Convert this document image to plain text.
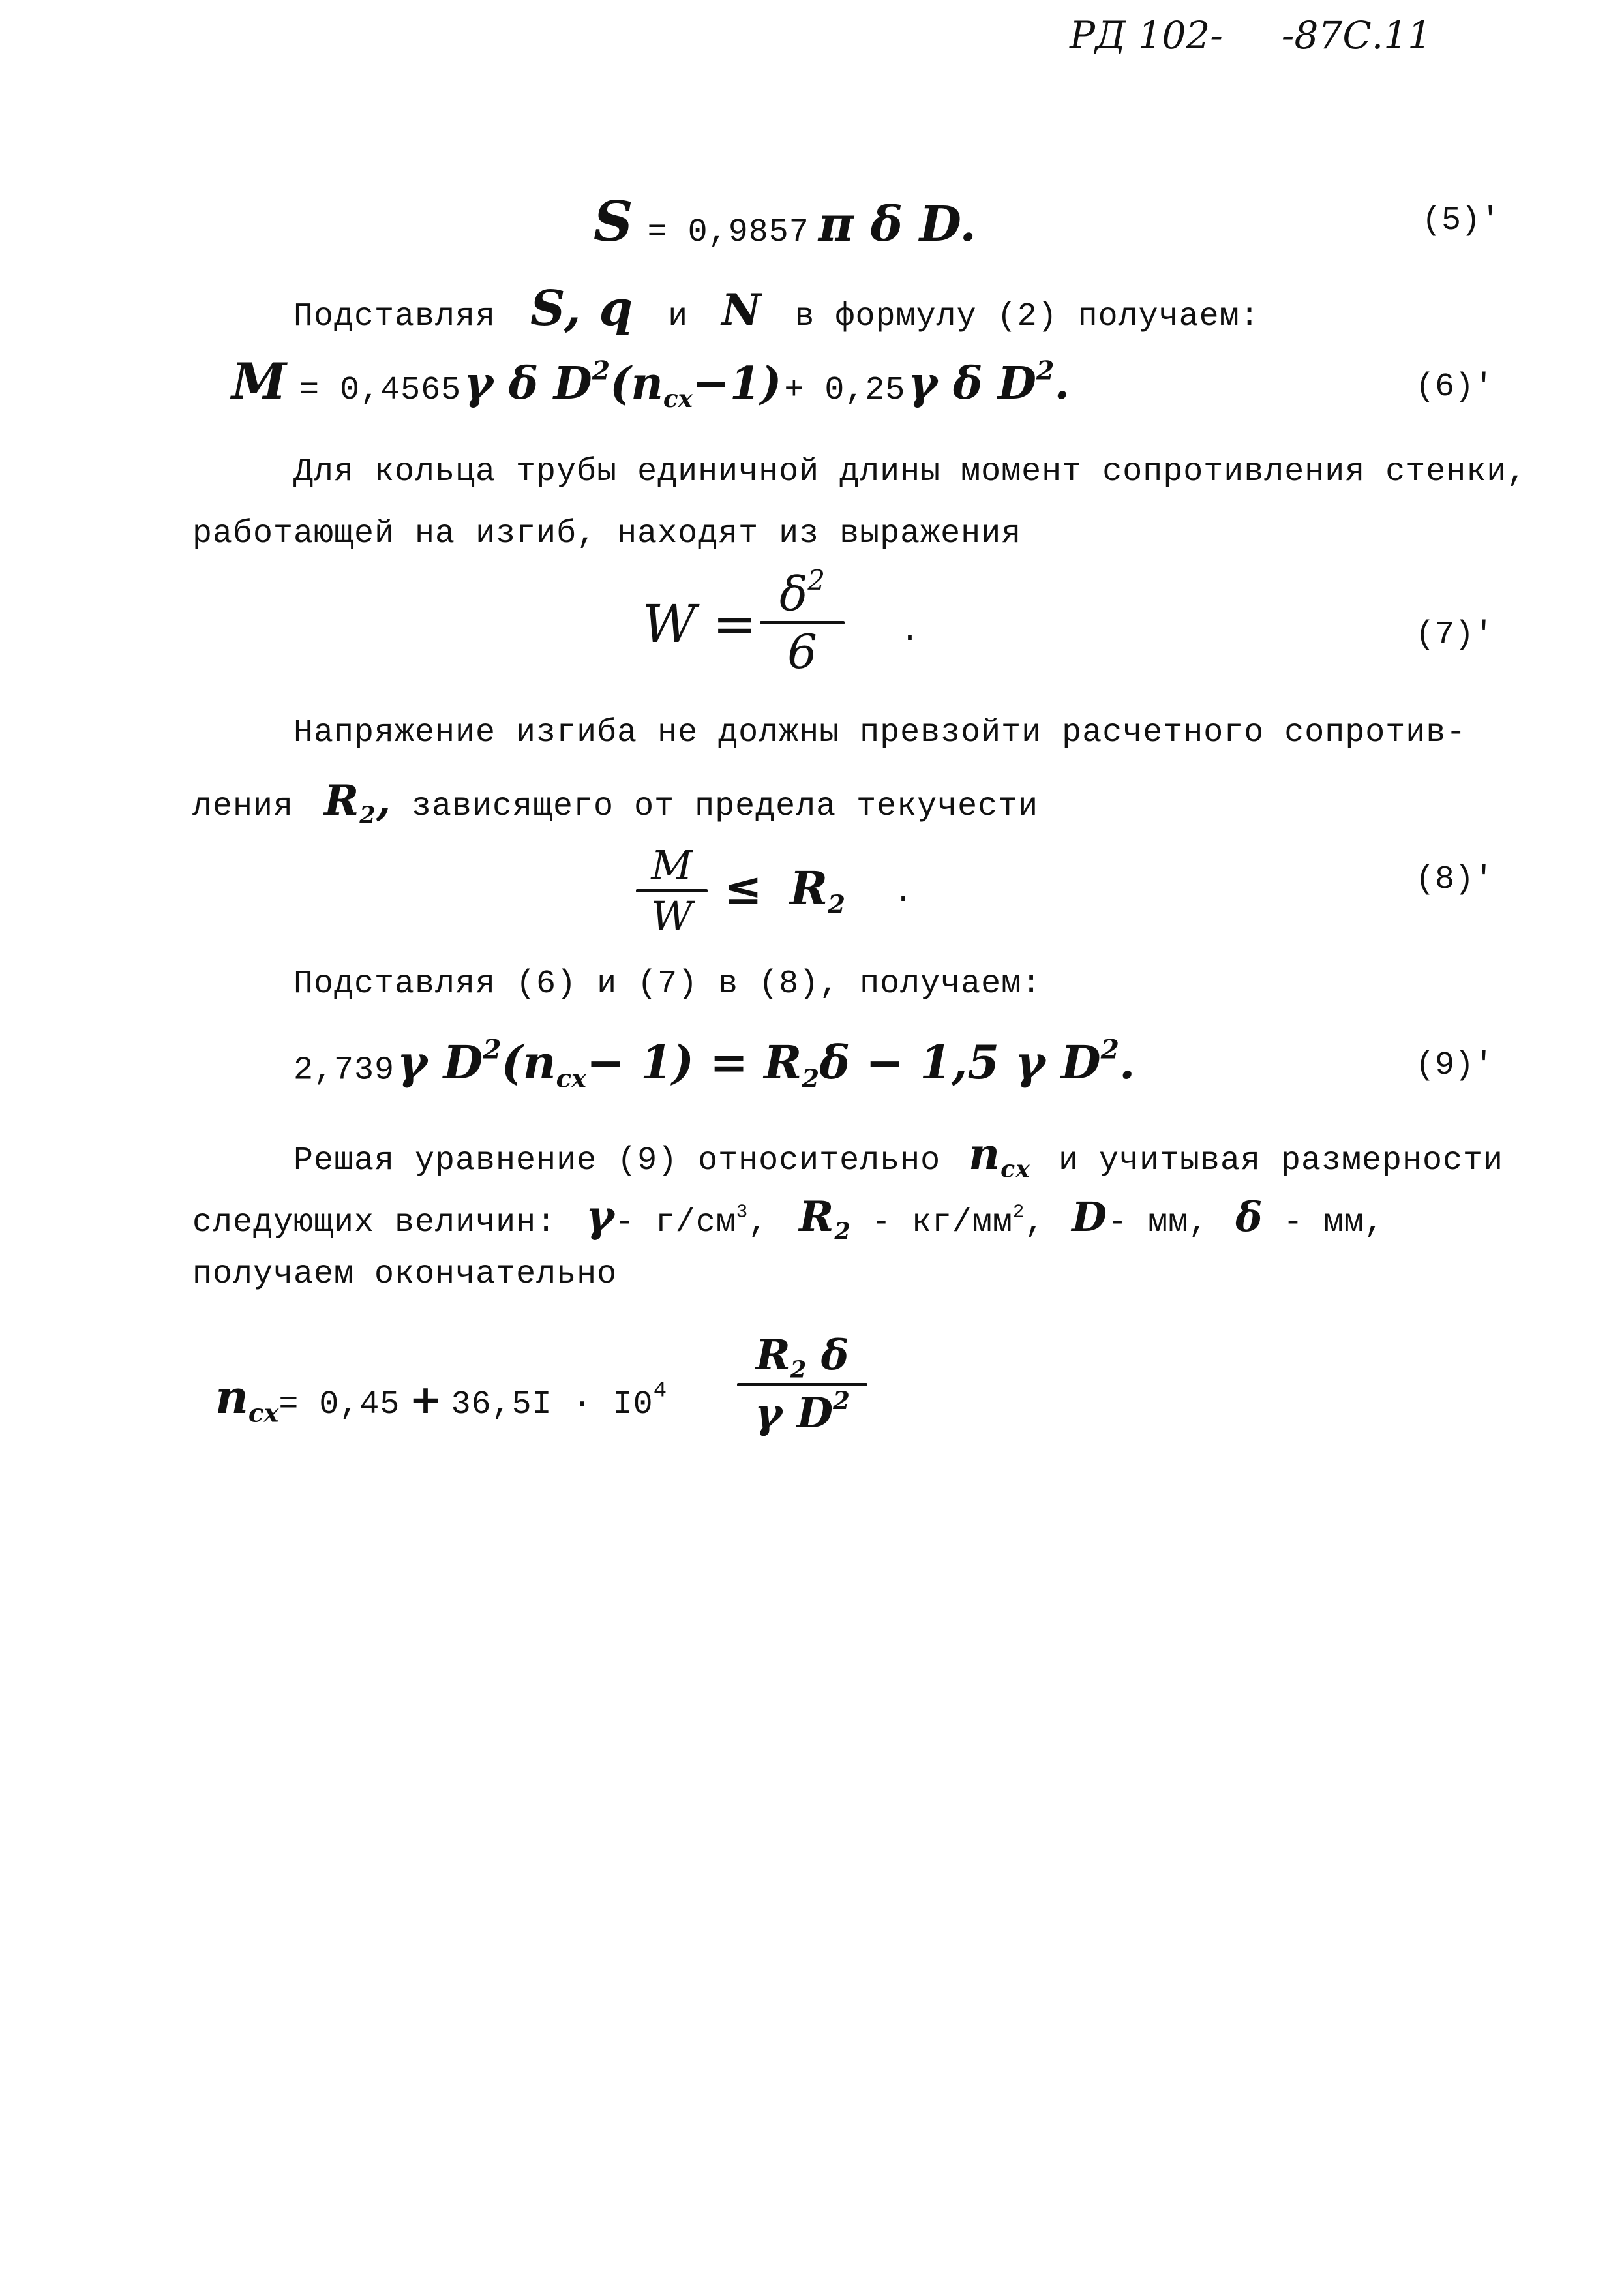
РД 102- -87С.11
S = 0,9857 π δ D.	(5)′
Подставляя S, q и N в формулу (2) получаем:
M = 0,4565 γ δ $D^2(n_{cx}-1) + 0,25$ γ δ $D^2$.	(6)′
Для кольца трубы единичной длины момент сопротивления стенки,
работающей на изгиб, находят из выражения
$W = \delta^2$
6	.	(7)′
Напряжение изгиба не должны превзойти расчетного сопротив-
ления $R_2$, зависящего от предела текучести
M
W
≤ $R_2$ .	(8)′
Подставляя (6) и (7) в (8), получаем:
2,739 γ $D^2(n_{cx}- 1) = R_2\delta - 1,5$ γ $D^2$.	(9)′
Решая уравнение (9) относительно $n_{cx}$ и учитывая размерности
следующих величин: γ- $г/см^3$, $R_2 - кг/мм^2$, D- мм, δ - мм,
получаем окончательно
$n_{cx}= 0,45 + 36,5I \cdot I0^4$
$R_2$ δ
γ $D^2$
